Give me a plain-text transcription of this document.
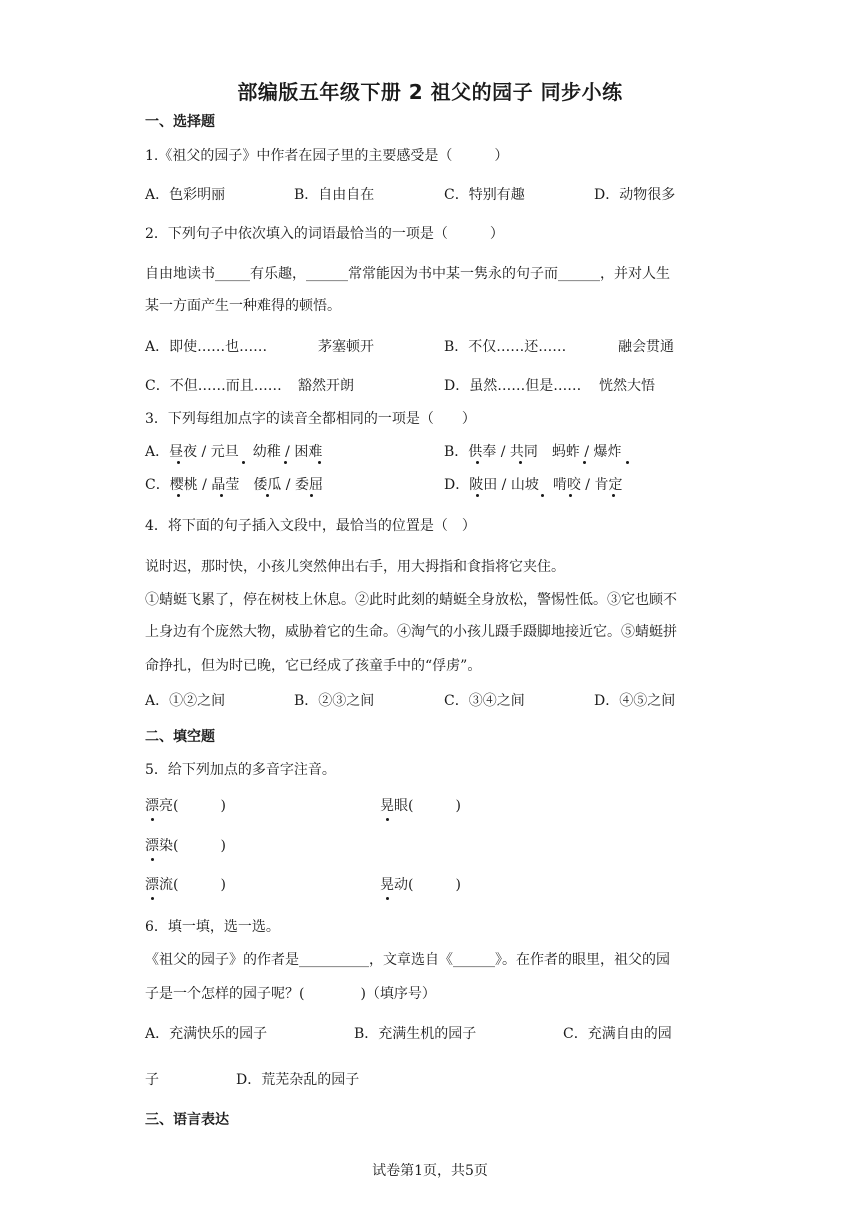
部编版五年级下册 2 祖父的园子 同步小练
一、选择题
1.《祖父的园子》中作者在园子里的主要感受是（　　　）
A．色彩明丽	B．自由自在	C．特别有趣	D．动物很多
2．下列句子中依次填入的词语最恰当的一项是（　　　）
自由地读书_____有乐趣，______常常能因为书中某一隽永的句子而______，并对人生
某一方面产生一种难得的顿悟。
A．即使……也……	茅塞顿开	B．不仅……还……	融会贯通
C．不但……而且…… 豁然开朗	D．虽然……但是…… 恍然大悟
3．下列每组加点字的读音全都相同的一项是（　　）
A．昼夜 / 元旦　幼稚 / 困难	B．供奉 / 共同　蚂蚱 / 爆炸
C．樱桃 / 晶莹　倭瓜 / 委屈	D．陂田 / 山坡　啃咬 / 肯定
4．将下面的句子插入文段中，最恰当的位置是（　）
说时迟，那时快，小孩儿突然伸出右手，用大拇指和食指将它夹住。
①蜻蜓飞累了，停在树枝上休息。②此时此刻的蜻蜓全身放松，警惕性低。③它也顾不
上身边有个庞然大物，威胁着它的生命。④淘气的小孩儿蹑手蹑脚地接近它。⑤蜻蜓拼
命挣扎，但为时已晚，它已经成了孩童手中的“俘虏”。
A．①②之间	B．②③之间	C．③④之间	D．④⑤之间
二、填空题
5．给下列加点的多音字注音。
漂亮(　　　)	晃眼(　　　)
漂染(　　　)
漂流(　　　)	晃动(　　　)
6．填一填，选一选。
《祖父的园子》的作者是__________，文章选自《______》。在作者的眼里，祖父的园
子是一个怎样的园子呢？(　　　　)（填序号）
A．充满快乐的园子	B．充满生机的园子	C．充满自由的园
子	D．荒芜杂乱的园子
三、语言表达
试卷第1页，共5页
